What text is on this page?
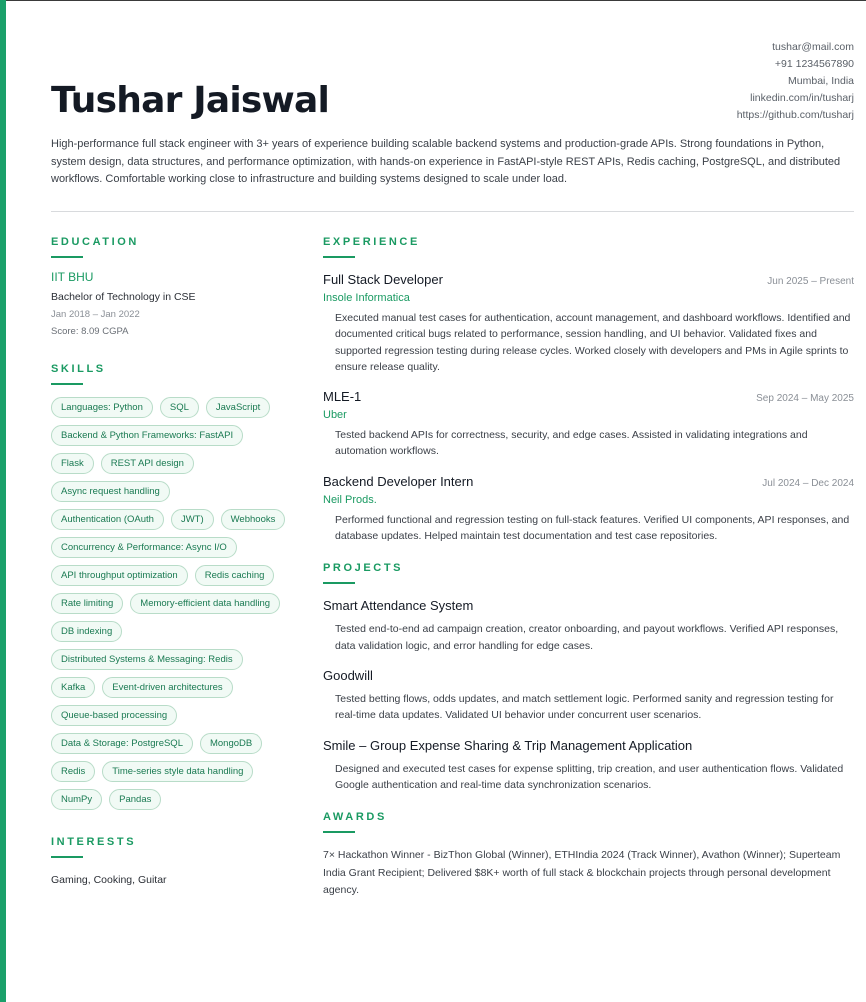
Tushar Jaiswal
tushar@mail.com
+91 1234567890
Mumbai, India
linkedin.com/in/tusharj
https://github.com/tusharj
High-performance full stack engineer with 3+ years of experience building scalable backend systems and production-grade APIs. Strong foundations in Python, system design, data structures, and performance optimization, with hands-on experience in FastAPI-style REST APIs, Redis caching, PostgreSQL, and distributed workflows. Comfortable working close to infrastructure and building systems designed to scale under load.
EDUCATION
IIT BHU
Bachelor of Technology in CSE
Jan 2018 – Jan 2022
Score: 8.09 CGPA
SKILLS
Languages: Python	SQL	JavaScript
Backend & Python Frameworks: FastAPI
Flask	REST API design
Async request handling
Authentication (OAuth	JWT)	Webhooks
Concurrency & Performance: Async I/O
API throughput optimization	Redis caching
Rate limiting	Memory-efficient data handling
DB indexing
Distributed Systems & Messaging: Redis
Kafka	Event-driven architectures
Queue-based processing
Data & Storage: PostgreSQL	MongoDB
Redis	Time-series style data handling
NumPy	Pandas
INTERESTS
Gaming, Cooking, Guitar
EXPERIENCE
Full Stack Developer	Jun 2025 – Present
Insole Informatica
Executed manual test cases for authentication, account management, and dashboard workflows. Identified and documented critical bugs related to performance, session handling, and UI behavior. Validated fixes and supported regression testing during release cycles. Worked closely with developers and PMs in Agile sprints to ensure release quality.
MLE-1	Sep 2024 – May 2025
Uber
Tested backend APIs for correctness, security, and edge cases. Assisted in validating integrations and automation workflows.
Backend Developer Intern	Jul 2024 – Dec 2024
Neil Prods.
Performed functional and regression testing on full-stack features. Verified UI components, API responses, and database updates. Helped maintain test documentation and test case repositories.
PROJECTS
Smart Attendance System
Tested end-to-end ad campaign creation, creator onboarding, and payout workflows. Verified API responses, data validation logic, and error handling for edge cases.
Goodwill
Tested betting flows, odds updates, and match settlement logic. Performed sanity and regression testing for real-time data updates. Validated UI behavior under concurrent user scenarios.
Smile – Group Expense Sharing & Trip Management Application
Designed and executed test cases for expense splitting, trip creation, and user authentication flows. Validated Google authentication and real-time data synchronization scenarios.
AWARDS
7× Hackathon Winner - BizThon Global (Winner), ETHIndia 2024 (Track Winner), Avathon (Winner); Superteam India Grant Recipient; Delivered $8K+ worth of full stack & blockchain projects through personal development agency.
